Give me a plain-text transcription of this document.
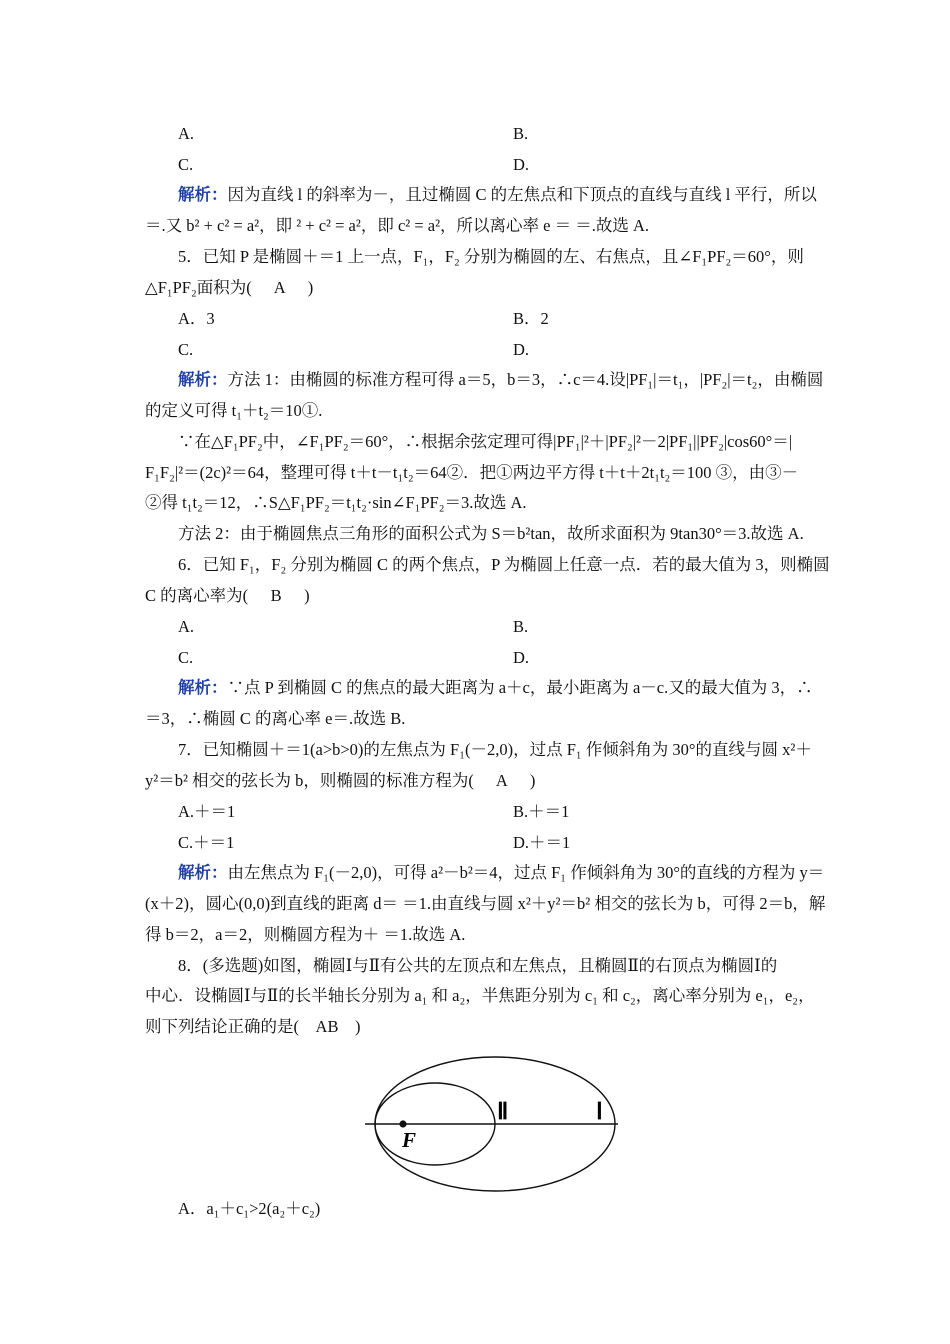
A.	B.
C.	D.
解析：因为直线 l 的斜率为－，且过椭圆 C 的左焦点和下顶点的直线与直线 l 平行，所以
＝.又 b² + c² = a²，即 ² + c² = a²，即 c² = a²，所以离心率 e ＝ ＝.故选 A.
5．已知 P 是椭圆＋＝1 上一点，F₁，F₂ 分别为椭圆的左、右焦点，且∠F₁PF₂＝60°，则
△F₁PF₂面积为( A )
A．3	B．2
C.	D.
解析：方法 1：由椭圆的标准方程可得 a＝5，b＝3，∴c＝4.设|PF₁|＝t₁，|PF₂|＝t₂，由椭圆
的定义可得 t₁＋t₂＝10①.
∵在△F₁PF₂中，∠F₁PF₂＝60°，∴根据余弦定理可得|PF₁|²＋|PF₂|²－2|PF₁||PF₂|cos60°＝|
F₁F₂|²＝(2c)²＝64，整理可得 t＋t－t₁t₂＝64②．把①两边平方得 t＋t＋2t₁t₂＝100 ③，由③－
②得 t₁t₂＝12，∴S△F₁PF₂＝t₁t₂·sin∠F₁PF₂＝3.故选 A.
方法 2：由于椭圆焦点三角形的面积公式为 S＝b²tan，故所求面积为 9tan30°＝3.故选 A.
6．已知 F₁，F₂ 分别为椭圆 C 的两个焦点，P 为椭圆上任意一点．若的最大值为 3，则椭圆
C 的离心率为( B )
A.	B.
C.	D.
解析：∵点 P 到椭圆 C 的焦点的最大距离为 a＋c，最小距离为 a－c.又的最大值为 3，∴
＝3，∴椭圆 C 的离心率 e＝.故选 B.
7．已知椭圆＋＝1(a>b>0)的左焦点为 F₁(－2,0)，过点 F₁ 作倾斜角为 30°的直线与圆 x²＋
y²＝b² 相交的弦长为 b，则椭圆的标准方程为( A )
A.＋＝1	B.＋＝1
C.＋＝1	D.＋＝1
解析：由左焦点为 F₁(－2,0)，可得 a²－b²＝4，过点 F₁ 作倾斜角为 30°的直线的方程为 y＝
(x＋2)，圆心(0,0)到直线的距离 d＝ ＝1.由直线与圆 x²＋y²＝b² 相交的弦长为 b，可得 2＝b，解
得 b＝2，a＝2，则椭圆方程为＋ ＝1.故选 A.
8．(多选题)如图，椭圆Ⅰ与Ⅱ有公共的左顶点和左焦点，且椭圆Ⅱ的右顶点为椭圆Ⅰ的
中心．设椭圆Ⅰ与Ⅱ的长半轴长分别为 a₁ 和 a₂，半焦距分别为 c₁ 和 c₂，离心率分别为 e₁，e₂，
则下列结论正确的是( AB )
Ⅱ	Ⅰ
F
A．a₁＋c₁>2(a₂＋c₂)
